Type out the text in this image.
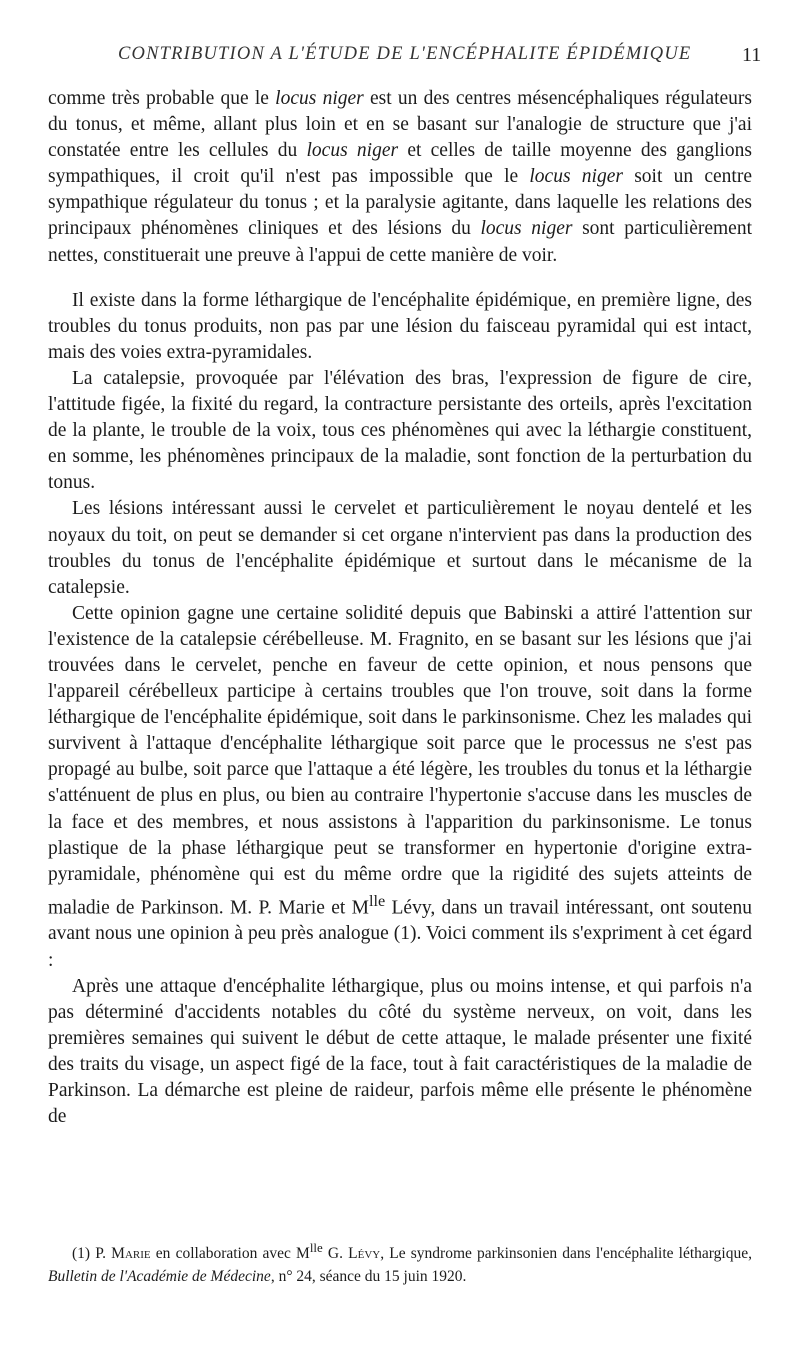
CONTRIBUTION A L'ÉTUDE DE L'ENCÉPHALITE ÉPIDÉMIQUE	11

comme très probable que le locus niger est un des centres mésencéphaliques régulateurs du tonus, et même, allant plus loin et en se basant sur l'analogie de structure que j'ai constatée entre les cellules du locus niger et celles de taille moyenne des ganglions sympathiques, il croit qu'il n'est pas impossible que le locus niger soit un centre sympathique régulateur du tonus ; et la paralysie agitante, dans laquelle les relations des principaux phénomènes cliniques et des lésions du locus niger sont particulièrement nettes, constituerait une preuve à l'appui de cette manière de voir.

Il existe dans la forme léthargique de l'encéphalite épidémique, en première ligne, des troubles du tonus produits, non pas par une lésion du faisceau pyramidal qui est intact, mais des voies extra-pyramidales.

La catalepsie, provoquée par l'élévation des bras, l'expression de figure de cire, l'attitude figée, la fixité du regard, la contracture persistante des orteils, après l'excitation de la plante, le trouble de la voix, tous ces phénomènes qui avec la léthargie constituent, en somme, les phénomènes principaux de la maladie, sont fonction de la perturbation du tonus.

Les lésions intéressant aussi le cervelet et particulièrement le noyau dentelé et les noyaux du toit, on peut se demander si cet organe n'intervient pas dans la production des troubles du tonus de l'encéphalite épidémique et surtout dans le mécanisme de la catalepsie.

Cette opinion gagne une certaine solidité depuis que Babinski a attiré l'attention sur l'existence de la catalepsie cérébelleuse. M. Fragnito, en se basant sur les lésions que j'ai trouvées dans le cervelet, penche en faveur de cette opinion, et nous pensons que l'appareil cérébelleux participe à certains troubles que l'on trouve, soit dans la forme léthargique de l'encéphalite épidémique, soit dans le parkinsonisme. Chez les malades qui survivent à l'attaque d'encéphalite léthargique soit parce que le processus ne s'est pas propagé au bulbe, soit parce que l'attaque a été légère, les troubles du tonus et la léthargie s'atténuent de plus en plus, ou bien au contraire l'hypertonie s'accuse dans les muscles de la face et des membres, et nous assistons à l'apparition du parkinsonisme. Le tonus plastique de la phase léthargique peut se transformer en hypertonie d'origine extra-pyramidale, phénomène qui est du même ordre que la rigidité des sujets atteints de maladie de Parkinson. M. P. Marie et $M^{lle}$ Lévy, dans un travail intéressant, ont soutenu avant nous une opinion à peu près analogue (1). Voici comment ils s'expriment à cet égard :

Après une attaque d'encéphalite léthargique, plus ou moins intense, et qui parfois n'a pas déterminé d'accidents notables du côté du système nerveux, on voit, dans les premières semaines qui suivent le début de cette attaque, le malade présenter une fixité des traits du visage, un aspect figé de la face, tout à fait caractéristiques de la maladie de Parkinson. La démarche est pleine de raideur, parfois même elle présente le phénomène de

(1) P. Marie en collaboration avec $M^{lle}$ G. Lévy, Le syndrome parkinsonien dans l'encéphalite léthargique, Bulletin de l'Académie de Médecine, n° 24, séance du 15 juin 1920.
